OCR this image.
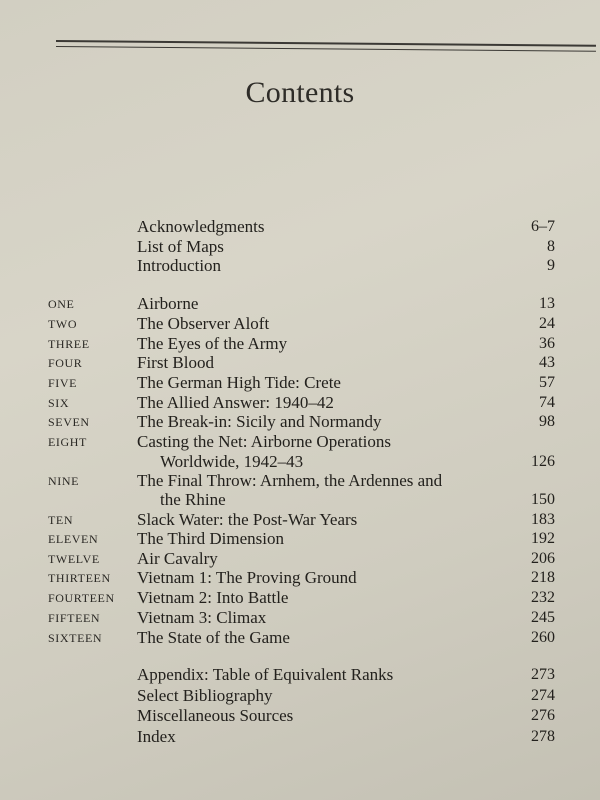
Contents
Acknowledgments	6–7
List of Maps	8
Introduction	9
ONE	Airborne	13
TWO	The Observer Aloft	24
THREE	The Eyes of the Army	36
FOUR	First Blood	43
FIVE	The German High Tide: Crete	57
SIX	The Allied Answer: 1940–42	74
SEVEN	The Break-in: Sicily and Normandy	98
EIGHT	Casting the Net: Airborne Operations
Worldwide, 1942–43	126
NINE	The Final Throw: Arnhem, the Ardennes and
the Rhine	150
TEN	Slack Water: the Post-War Years	183
ELEVEN The Third Dimension	192
TWELVE Air Cavalry	206
THIRTEEN Vietnam 1: The Proving Ground	218
FOURTEEN Vietnam 2: Into Battle	232
FIFTEEN Vietnam 3: Climax	245
SIXTEEN The State of the Game	260
Appendix: Table of Equivalent Ranks	273
Select Bibliography	274
Miscellaneous Sources	276
Index	278
